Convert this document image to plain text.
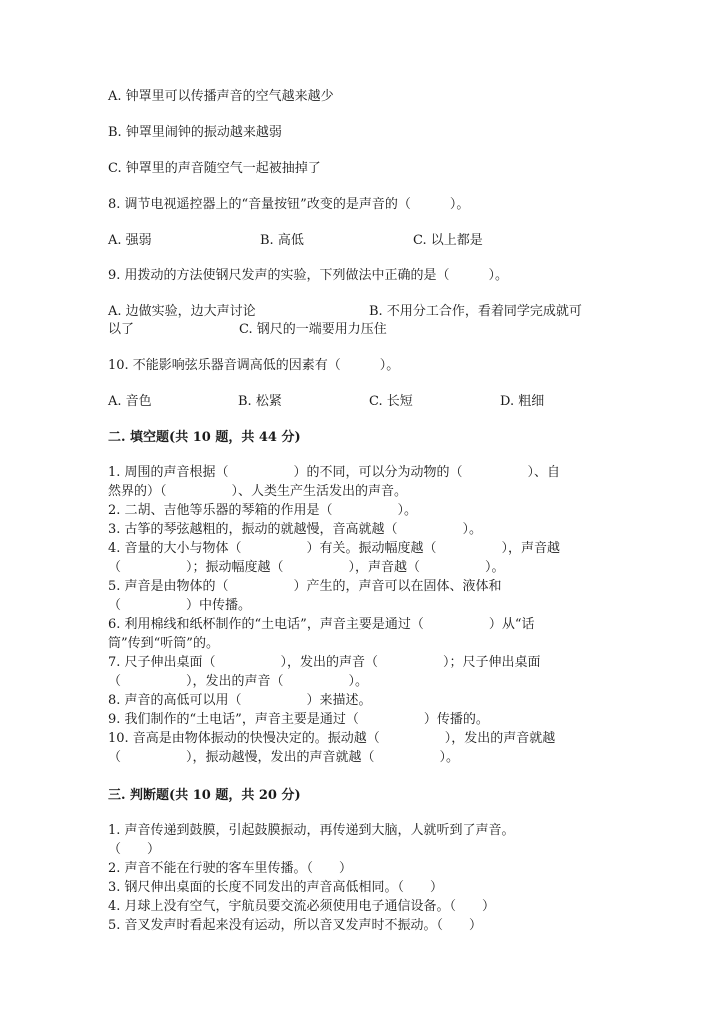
A. 钟罩里可以传播声音的空气越来越少
B. 钟罩里闹钟的振动越来越弱
C. 钟罩里的声音随空气一起被抽掉了
8. 调节电视遥控器上的“音量按钮”改变的是声音的（　　　）。
A. 强弱	B. 高低	C. 以上都是
9. 用拨动的方法使钢尺发声的实验，下列做法中正确的是（　　　）。
A. 边做实验，边大声讨论	B. 不用分工合作，看着同学完成就可
以了	C. 钢尺的一端要用力压住
10. 不能影响弦乐器音调高低的因素有（　　　）。
A. 音色	B. 松紧	C. 长短	D. 粗细
二. 填空题(共 10 题，共 44 分)
1. 周围的声音根据（　　　　　）的不同，可以分为动物的（　　　　　）、自
然界的）（　　　　　）、人类生产生活发出的声音。
2. 二胡、吉他等乐器的琴箱的作用是（　　　　　）。
3. 古筝的琴弦越粗的，振动的就越慢，音高就越（　　　　　）。
4. 音量的大小与物体（　　　　　）有关。振动幅度越（　　　　　），声音越
（　　　　　）；振动幅度越（　　　　　），声音越（　　　　　）。
5. 声音是由物体的（　　　　　）产生的，声音可以在固体、液体和
（　　　　　）中传播。
6. 利用棉线和纸杯制作的“土电话”，声音主要是通过（　　　　　）从“话
筒”传到“听筒”的。
7. 尺子伸出桌面（　　　　　），发出的声音（　　　　　）；尺子伸出桌面
（　　　　　），发出的声音（　　　　　）。
8. 声音的高低可以用（　　　　　）来描述。
9. 我们制作的“土电话”，声音主要是通过（　　　　　）传播的。
10. 音高是由物体振动的快慢决定的。振动越（　　　　　），发出的声音就越
（　　　　　），振动越慢，发出的声音就越（　　　　　）。
三. 判断题(共 10 题，共 20 分)
1. 声音传递到鼓膜，引起鼓膜振动，再传递到大脑，人就听到了声音。
（　　）
2. 声音不能在行驶的客车里传播。（　　）
3. 钢尺伸出桌面的长度不同发出的声音高低相同。（　　）
4. 月球上没有空气，宇航员要交流必须使用电子通信设备。（　　）
5. 音叉发声时看起来没有运动，所以音叉发声时不振动。（　　）
